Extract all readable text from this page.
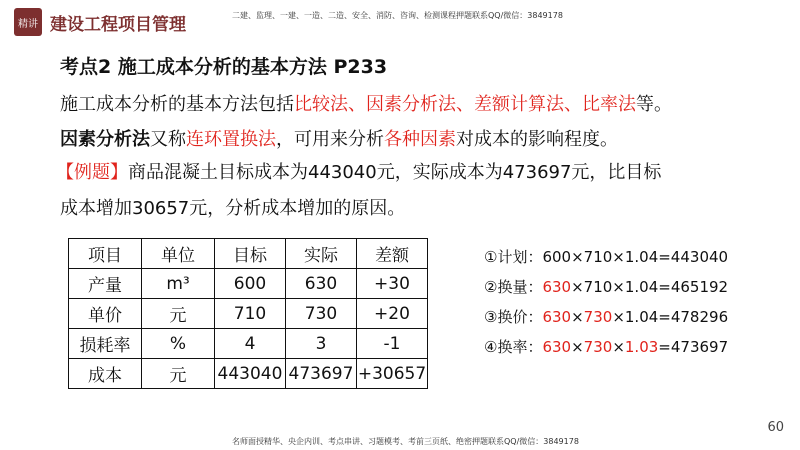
精讲 建设工程项目管理	二建、监理、一建、一造、二造、安全、消防、咨询、检测课程押题联系QQ/微信：3849178
考点2 施工成本分析的基本方法 P233
施工成本分析的基本方法包括比较法、因素分析法、差额计算法、比率法等。
因素分析法又称连环置换法，可用来分析各种因素对成本的影响程度。
【例题】商品混凝土目标成本为443040元，实际成本为473697元，比目标
成本增加30657元，分析成本增加的原因。
项目	单位	目标	实际	差额
产量	m³	600	630	+30
单价	元	710	730	+20
损耗率	%	4	3	-1
成本	元	443040	473697	+30657
①计划：600×710×1.04=443040
②换量：630×710×1.04=465192
③换价：630×730×1.04=478296
④换率：630×730×1.03=473697
60
名师面授精华、央企内训、考点串讲、习题模考、考前三页纸、绝密押题联系QQ/微信：3849178
